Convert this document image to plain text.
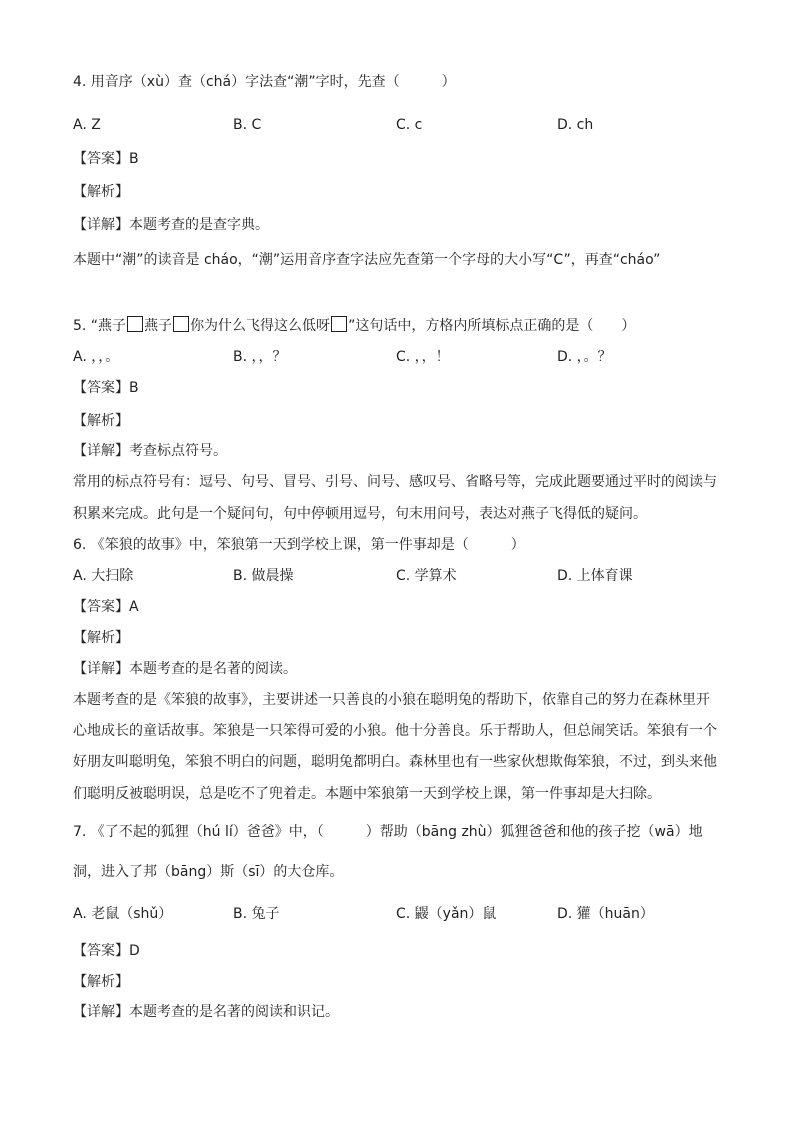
4. 用音序（xù）查（chá）字法查“潮”字时，先查（　　　）
A. Z	B. C	C. c	D. ch
【答案】B
【解析】
【详解】本题考查的是查字典。
本题中“潮”的读音是 cháo，“潮”运用音序查字法应先查第一个字母的大小写“C”，再查“cháo”
5. “燕子 燕子 你为什么飞得这么低呀 ”这句话中，方格内所填标点正确的是（　　）
A. ，，。	B. ，，？	C. ，，！	D. ，。？
【答案】B
【解析】
【详解】考查标点符号。
常用的标点符号有：逗号、句号、冒号、引号、问号、感叹号、省略号等，完成此题要通过平时的阅读与
积累来完成。此句是一个疑问句，句中停顿用逗号，句末用问号，表达对燕子飞得低的疑问。
6. 《笨狼的故事》中，笨狼第一天到学校上课，第一件事却是（　　　）
A. 大扫除	B. 做晨操	C. 学算术	D. 上体育课
【答案】A
【解析】
【详解】本题考查的是名著的阅读。
本题考查的是《笨狼的故事》，主要讲述一只善良的小狼在聪明兔的帮助下，依靠自己的努力在森林里开
心地成长的童话故事。笨狼是一只笨得可爱的小狼。他十分善良。乐于帮助人，但总闹笑话。笨狼有一个
好朋友叫聪明兔，笨狼不明白的问题，聪明兔都明白。森林里也有一些家伙想欺侮笨狼，不过，到头来他
们聪明反被聪明误，总是吃不了兜着走。本题中笨狼第一天到学校上课，第一件事却是大扫除。
7. 《了不起的狐狸（hú lí）爸爸》中，（　　　）帮助（bāng zhù）狐狸爸爸和他的孩子挖（wā）地
洞，进入了邦（bāng）斯（sī）的大仓库。
A. 老鼠（shǔ）	B. 兔子	C. 鼹（yǎn）鼠	D. 獾（huān）
【答案】D
【解析】
【详解】本题考查的是名著的阅读和识记。
